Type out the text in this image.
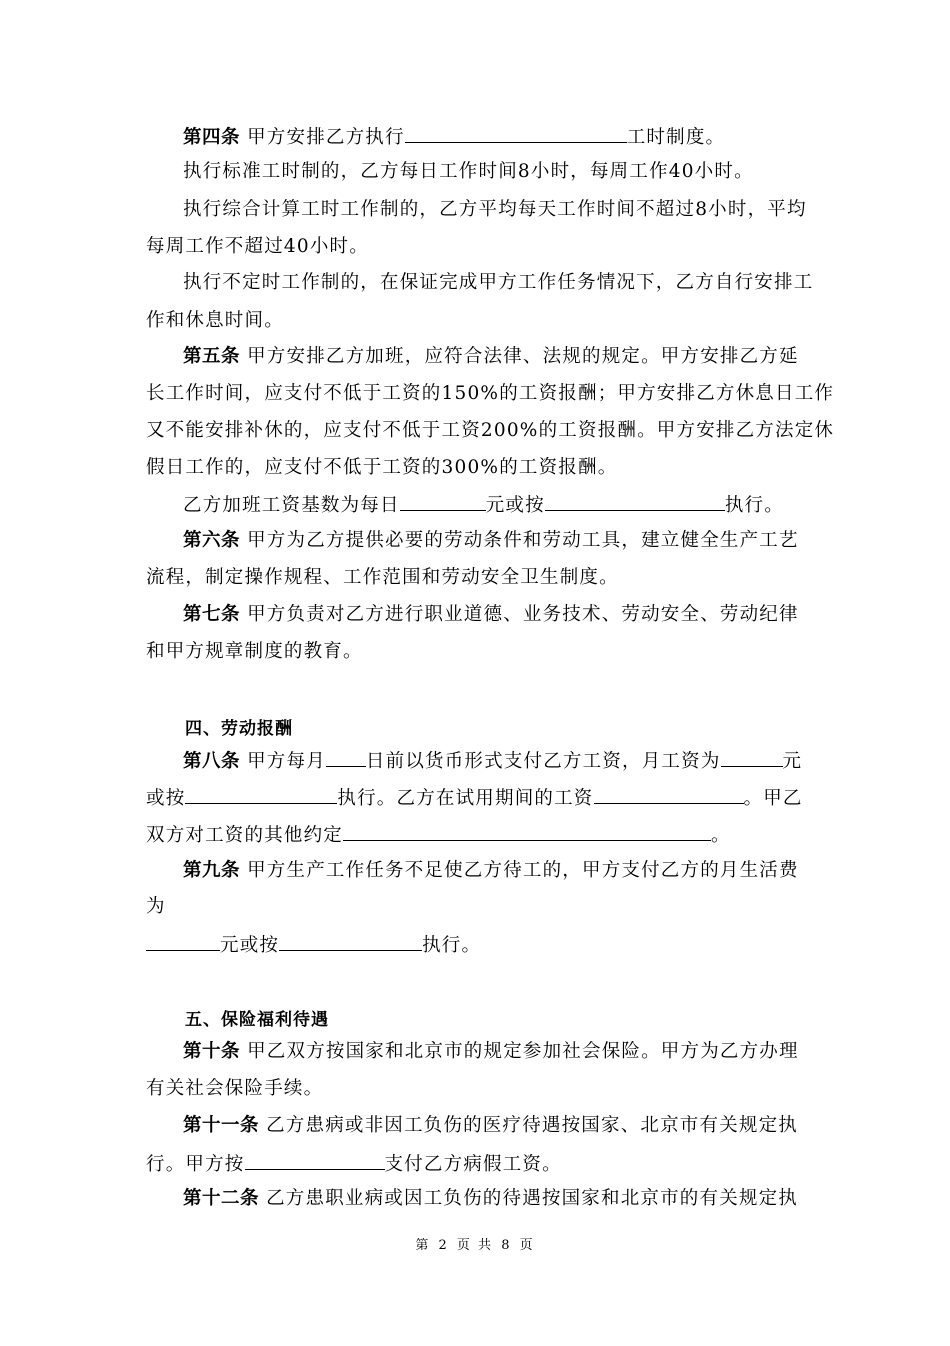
第四条 甲方安排乙方执行	工时制度。
执行标准工时制的，乙方每日工作时间8小时，每周工作40小时。
执行综合计算工时工作制的，乙方平均每天工作时间不超过8小时，平均
每周工作不超过40小时。
执行不定时工作制的，在保证完成甲方工作任务情况下，乙方自行安排工
作和休息时间。
第五条 甲方安排乙方加班，应符合法律、法规的规定。甲方安排乙方延
长工作时间，应支付不低于工资的150%的工资报酬；甲方安排乙方休息日工作
又不能安排补休的，应支付不低于工资200%的工资报酬。甲方安排乙方法定休
假日工作的，应支付不低于工资的300%的工资报酬。
乙方加班工资基数为每日	元或按	执行。
第六条 甲方为乙方提供必要的劳动条件和劳动工具，建立健全生产工艺
流程，制定操作规程、工作范围和劳动安全卫生制度。
第七条 甲方负责对乙方进行职业道德、业务技术、劳动安全、劳动纪律
和甲方规章制度的教育。
四、劳动报酬
第八条 甲方每月 日前以货币形式支付乙方工资，月工资为	元
或按	执行。乙方在试用期间的工资	。甲乙
双方对工资的其他约定	。
第九条 甲方生产工作任务不足使乙方待工的，甲方支付乙方的月生活费
为
元或按	执行。
五、保险福利待遇
第十条 甲乙双方按国家和北京市的规定参加社会保险。甲方为乙方办理
有关社会保险手续。
第十一条 乙方患病或非因工负伤的医疗待遇按国家、北京市有关规定执
行。甲方按	支付乙方病假工资。
第十二条 乙方患职业病或因工负伤的待遇按国家和北京市的有关规定执
第 2 页 共 8 页
